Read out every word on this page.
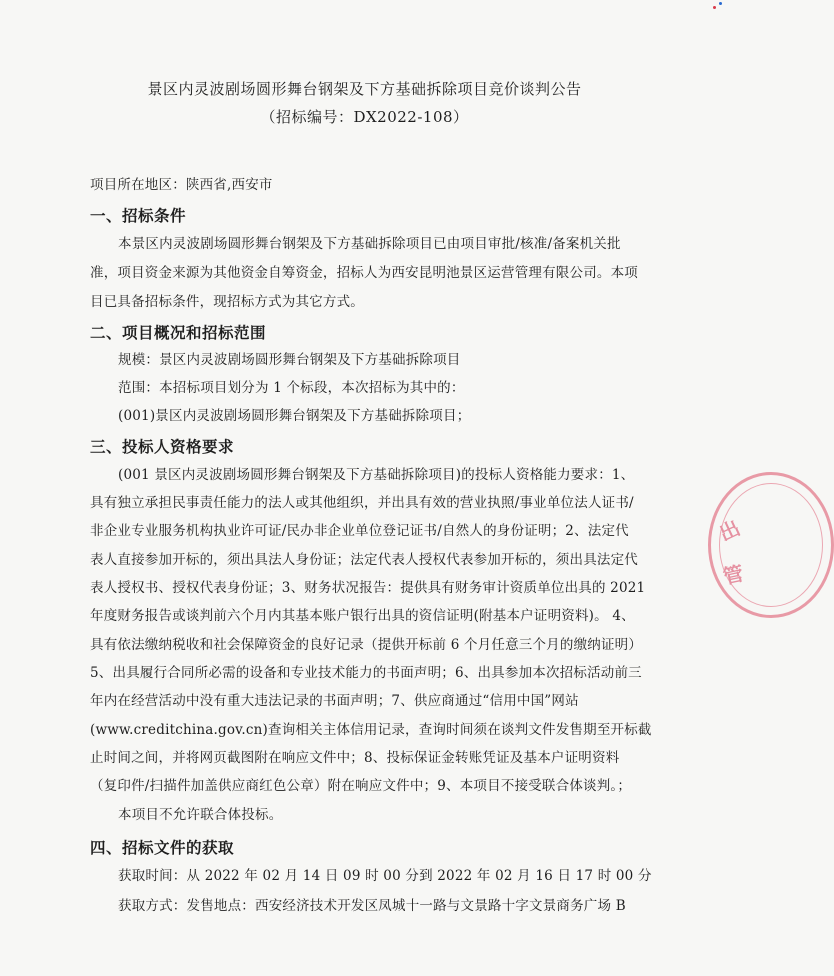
景区内灵波剧场圆形舞台钢架及下方基础拆除项目竞价谈判公告
（招标编号：DX2022-108）
项目所在地区：陕西省,西安市
一、招标条件
本景区内灵波剧场圆形舞台钢架及下方基础拆除项目已由项目审批/核准/备案机关批
准，项目资金来源为其他资金自筹资金，招标人为西安昆明池景区运营管理有限公司。本项
目已具备招标条件，现招标方式为其它方式。
二、项目概况和招标范围
规模：景区内灵波剧场圆形舞台钢架及下方基础拆除项目
范围：本招标项目划分为 1 个标段，本次招标为其中的：
(001)景区内灵波剧场圆形舞台钢架及下方基础拆除项目；
三、投标人资格要求
(001 景区内灵波剧场圆形舞台钢架及下方基础拆除项目)的投标人资格能力要求：1、
具有独立承担民事责任能力的法人或其他组织，并出具有效的营业执照/事业单位法人证书/
非企业专业服务机构执业许可证/民办非企业单位登记证书/自然人的身份证明；2、法定代
表人直接参加开标的，须出具法人身份证；法定代表人授权代表参加开标的，须出具法定代
表人授权书、授权代表身份证；3、财务状况报告：提供具有财务审计资质单位出具的 2021
年度财务报告或谈判前六个月内其基本账户银行出具的资信证明(附基本户证明资料)。 4、
具有依法缴纳税收和社会保障资金的良好记录（提供开标前 6 个月任意三个月的缴纳证明）
5、出具履行合同所必需的设备和专业技术能力的书面声明；6、出具参加本次招标活动前三
年内在经营活动中没有重大违法记录的书面声明；7、供应商通过“信用中国”网站
(www.creditchina.gov.cn)查询相关主体信用记录，查询时间须在谈判文件发售期至开标截
止时间之间，并将网页截图附在响应文件中；8、投标保证金转账凭证及基本户证明资料
（复印件/扫描件加盖供应商红色公章）附在响应文件中；9、本项目不接受联合体谈判。；
本项目不允许联合体投标。
四、招标文件的获取
获取时间：从 2022 年 02 月 14 日 09 时 00 分到 2022 年 02 月 16 日 17 时 00 分
获取方式：发售地点：西安经济技术开发区凤城十一路与文景路十字文景商务广场 B
出
管
